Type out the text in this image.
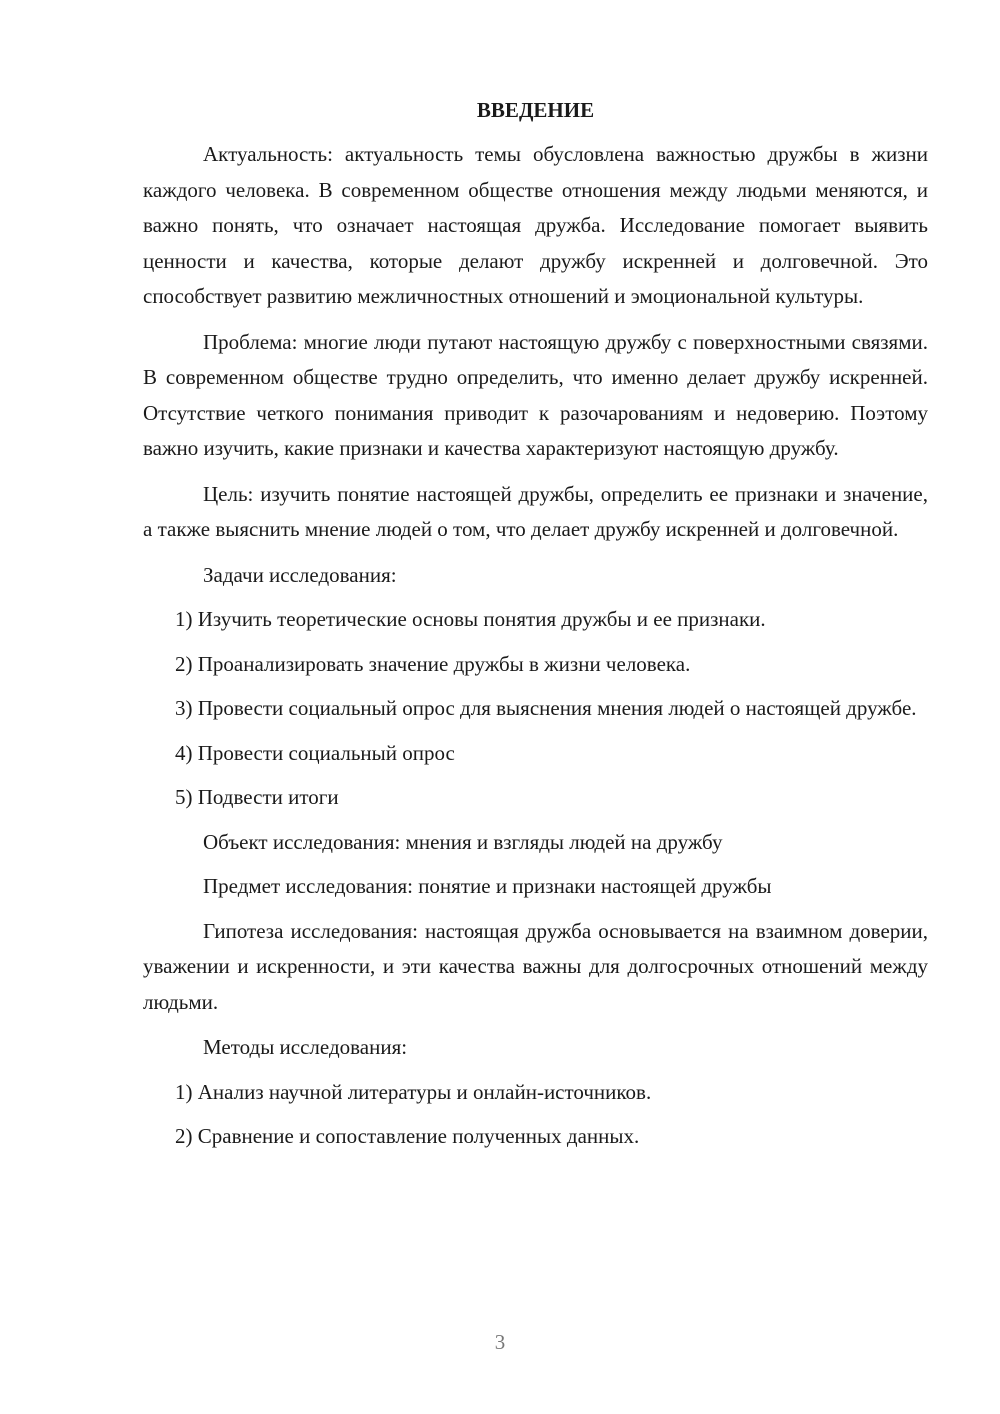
ВВЕДЕНИЕ

Актуальность: актуальность темы обусловлена важностью дружбы в жизни каждого человека. В современном обществе отношения между людьми меняются, и важно понять, что означает настоящая дружба. Исследование помогает выявить ценности и качества, которые делают дружбу искренней и долговечной. Это способствует развитию межличностных отношений и эмоциональной культуры.

Проблема: многие люди путают настоящую дружбу с поверхностными связями. В современном обществе трудно определить, что именно делает дружбу искренней. Отсутствие четкого понимания приводит к разочарованиям и недоверию. Поэтому важно изучить, какие признаки и качества характеризуют настоящую дружбу.

Цель: изучить понятие настоящей дружбы, определить ее признаки и значение, а также выяснить мнение людей о том, что делает дружбу искренней и долговечной.

Задачи исследования:

1) Изучить теоретические основы понятия дружбы и ее признаки.

2) Проанализировать значение дружбы в жизни человека.

3) Провести социальный опрос для выяснения мнения людей о настоящей дружбе.

4) Провести социальный опрос

5) Подвести итоги

Объект исследования: мнения и взгляды людей на дружбу

Предмет исследования: понятие и признаки настоящей дружбы

Гипотеза исследования: настоящая дружба основывается на взаимном доверии, уважении и искренности, и эти качества важны для долгосрочных отношений между людьми.

Методы исследования:

1) Анализ научной литературы и онлайн-источников.

2) Сравнение и сопоставление полученных данных.

3
